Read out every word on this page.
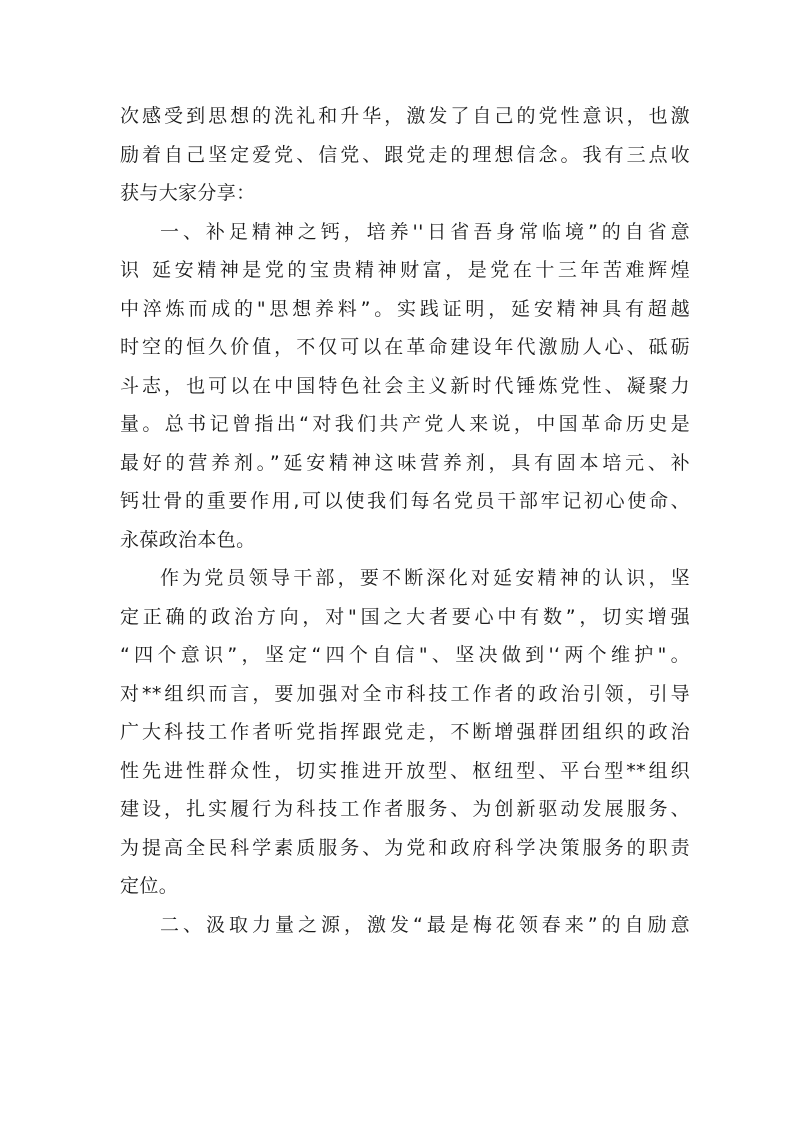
次感受到思想的洗礼和升华，激发了自己的党性意识，也激
励着自己坚定爱党、信党、跟党走的理想信念。我有三点收
获与大家分享：
一、补足精神之钙，培养''日省吾身常临境”的自省意
识 延安精神是党的宝贵精神财富，是党在十三年苦难辉煌
中淬炼而成的"思想养料”。实践证明，延安精神具有超越
时空的恒久价值，不仅可以在革命建设年代激励人心、砥砺
斗志，也可以在中国特色社会主义新时代锤炼党性、凝聚力
量。总书记曾指出“对我们共产党人来说，中国革命历史是
最好的营养剂。”延安精神这味营养剂，具有固本培元、补
钙壮骨的重要作用,可以使我们每名党员干部牢记初心使命、
永葆政治本色。
作为党员领导干部，要不断深化对延安精神的认识，坚
定正确的政治方向，对"国之大者要心中有数”，切实增强
“四个意识”，坚定“四个自信"、坚决做到'‘两个维护"。
对**组织而言，要加强对全市科技工作者的政治引领，引导
广大科技工作者听党指挥跟党走，不断增强群团组织的政治
性先进性群众性，切实推进开放型、枢纽型、平台型**组织
建设，扎实履行为科技工作者服务、为创新驱动发展服务、
为提高全民科学素质服务、为党和政府科学决策服务的职责
定位。
二、汲取力量之源，激发“最是梅花领春来”的自励意
